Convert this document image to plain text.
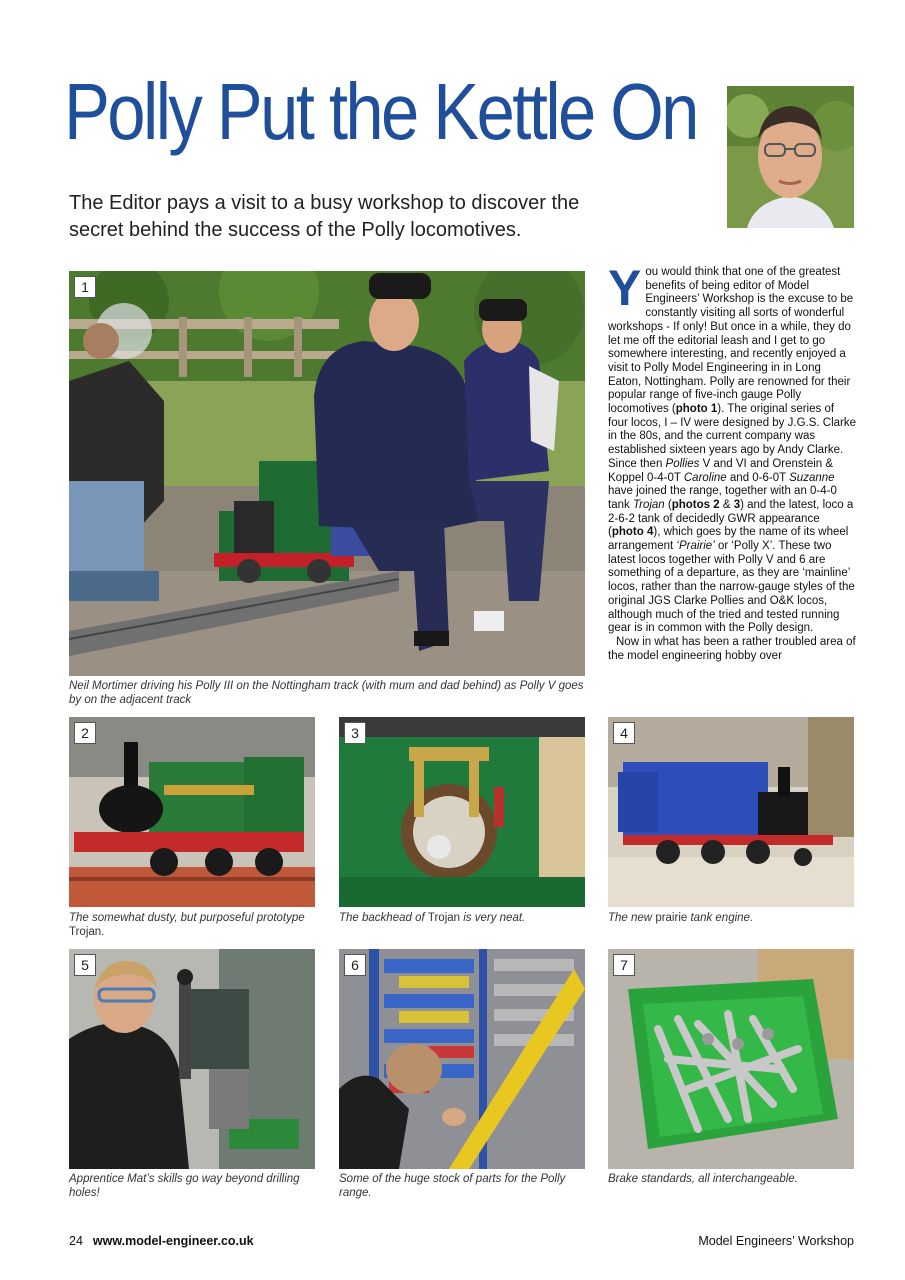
Polly Put the Kettle On
The Editor pays a visit to a busy workshop to discover the secret behind the success of the Polly locomotives.
1
Neil Mortimer driving his Polly III on the Nottingham track (with mum and dad behind) as Polly V goes by on the adjacent track

You would think that one of the greatest benefits of being editor of Model Engineers’ Workshop is the excuse to be constantly visiting all sorts of wonderful workshops - If only! But once in a while, they do let me off the editorial leash and I get to go somewhere interesting, and recently enjoyed a visit to Polly Model Engineering in in Long Eaton, Nottingham. Polly are renowned for their popular range of five-inch gauge Polly locomotives (photo 1). The original series of four locos, I – IV were designed by J.G.S. Clarke in the 80s, and the current company was established sixteen years ago by Andy Clarke. Since then Pollies V and VI and Orenstein & Koppel 0-4-0T Caroline and 0-6-0T Suzanne have joined the range, together with an 0-4-0 tank Trojan (photos 2 & 3) and the latest, loco a 2-6-2 tank of decidedly GWR appearance (photo 4), which goes by the name of its wheel arrangement ‘Prairie’ or ‘Polly X’. These two latest locos together with Polly V and 6 are something of a departure, as they are ‘mainline’ locos, rather than the narrow-gauge styles of the original JGS Clarke Pollies and O&K locos, although much of the tried and tested running gear is in common with the Polly design.

Now in what has been a rather troubled area of the model engineering hobby over

2	3	4
The somewhat dusty, but purposeful prototype Trojan.
The backhead of Trojan is very neat.	The new prairie tank engine.
5	6	7
Apprentice Mat’s skills go way beyond drilling holes!
Some of the huge stock of parts for the Polly range.
Brake standards, all interchangeable.
24 www.model-engineer.co.uk	Model Engineers’ Workshop
